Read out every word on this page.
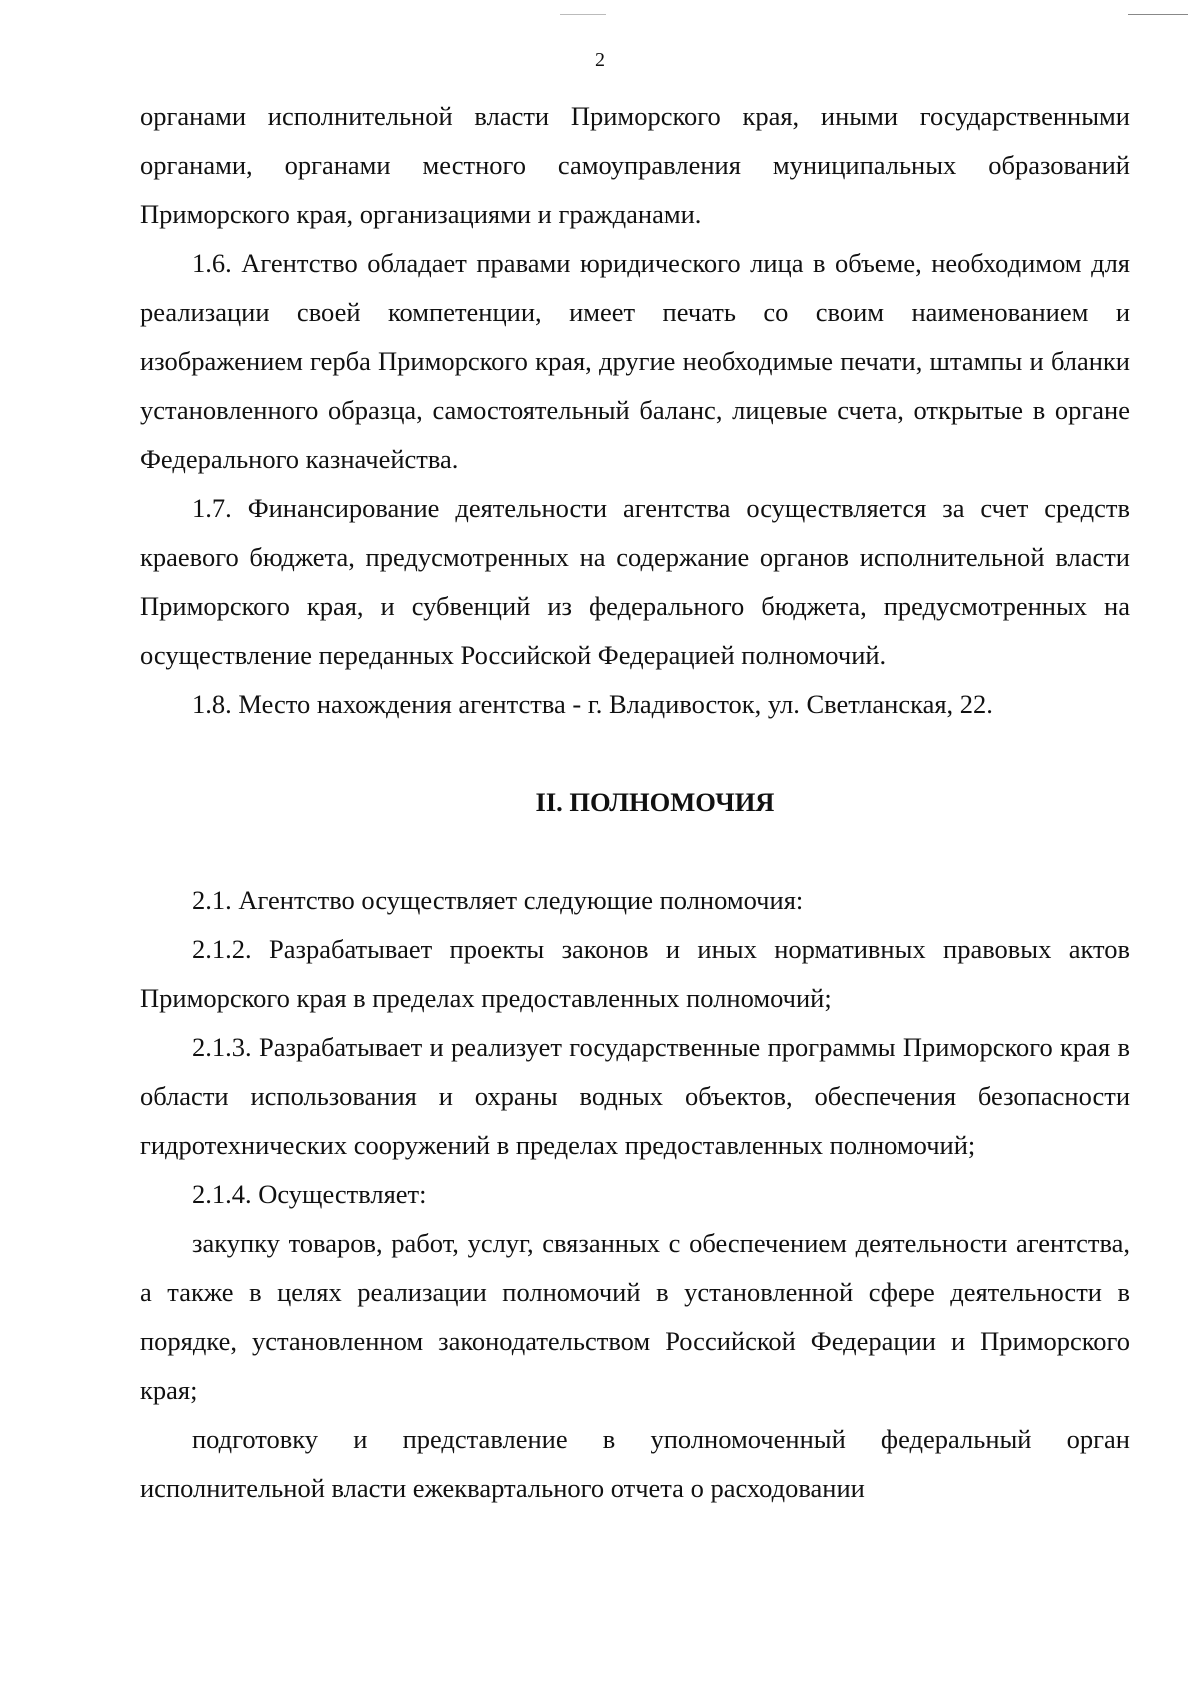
2

органами исполнительной власти Приморского края, иными государственными органами, органами местного самоуправления муниципальных образований Приморского края, организациями и гражданами.

1.6. Агентство обладает правами юридического лица в объеме, необходимом для реализации своей компетенции, имеет печать со своим наименованием и изображением герба Приморского края, другие необходимые печати, штампы и бланки установленного образца, самостоятельный баланс, лицевые счета, открытые в органе Федерального казначейства.

1.7. Финансирование деятельности агентства осуществляется за счет средств краевого бюджета, предусмотренных на содержание органов исполнительной власти Приморского края, и субвенций из федерального бюджета, предусмотренных на осуществление переданных Российской Федерацией полномочий.

1.8. Место нахождения агентства - г. Владивосток, ул. Светланская, 22.

II. ПОЛНОМОЧИЯ

2.1. Агентство осуществляет следующие полномочия:

2.1.2. Разрабатывает проекты законов и иных нормативных правовых актов Приморского края в пределах предоставленных полномочий;

2.1.3. Разрабатывает и реализует государственные программы Приморского края в области использования и охраны водных объектов, обеспечения безопасности гидротехнических сооружений в пределах предоставленных полномочий;

2.1.4. Осуществляет:

закупку товаров, работ, услуг, связанных с обеспечением деятельности агентства, а также в целях реализации полномочий в установленной сфере деятельности в порядке, установленном законодательством Российской Федерации и Приморского края;

подготовку и представление в уполномоченный федеральный орган исполнительной власти ежеквартального отчета о расходовании
